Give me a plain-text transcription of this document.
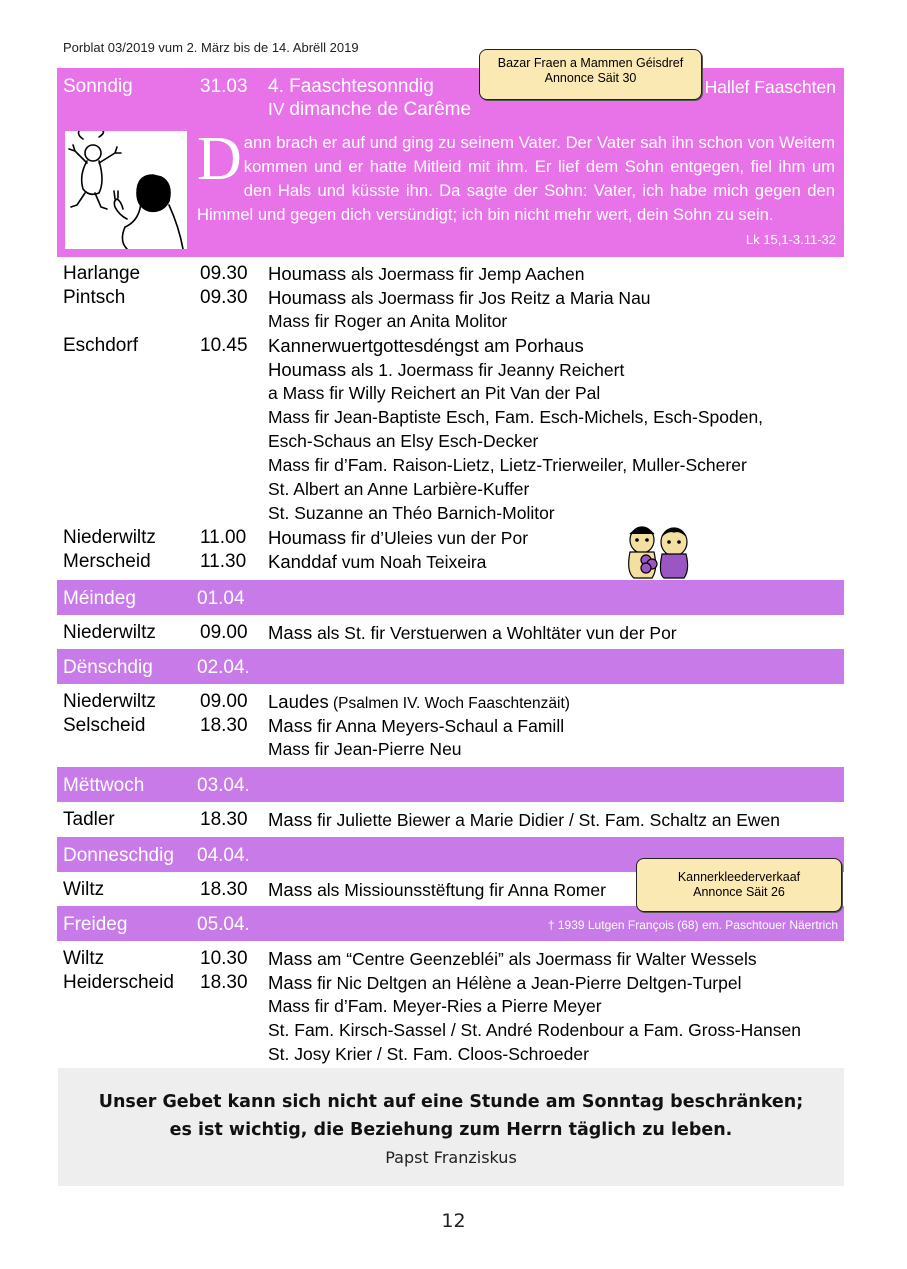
Porblat 03/2019 vum 2. März bis de 14. Abrëll 2019
Bazar Fraen a Mammen Géisdref
Annonce Säit 30
Sonndig	31.03 4. Faaschtesonndig
IV dimanche de Carême
Hallef Faaschten
Dann brach er auf und ging zu seinem Vater. Der Vater sah ihn schon von Weitem kommen und er hatte Mitleid mit ihm. Er lief dem Sohn entgegen, fiel ihm um den Hals und küsste ihn. Da sagte der Sohn: Vater, ich habe mich gegen den Himmel und gegen dich versündigt; ich bin nicht mehr wert, dein Sohn zu sein.
Lk 15,1-3.11-32
Harlange	09.30 Houmass als Joermass fir Jemp Aachen
Pintsch	09.30 Houmass als Joermass fir Jos Reitz a Maria Nau
Mass fir Roger an Anita Molitor
Eschdorf	10.45 Kannerwuertgottesdéngst am Porhaus
Houmass als 1. Joermass fir Jeanny Reichert
a Mass fir Willy Reichert an Pit Van der Pal
Mass fir Jean-Baptiste Esch, Fam. Esch-Michels, Esch-Spoden,
Esch-Schaus an Elsy Esch-Decker
Mass fir d’Fam. Raison-Lietz, Lietz-Trierweiler, Muller-Scherer
St. Albert an Anne Larbière-Kuffer
St. Suzanne an Théo Barnich-Molitor
Niederwiltz 11.00 Houmass fir d’Uleies vun der Por
Merscheid	11.30 Kanddaf vum Noah Teixeira
Méindeg	01.04
Niederwiltz 09.00 Mass als St. fir Verstuerwen a Wohltäter vun der Por
Dënschdig 02.04.
Niederwiltz 09.00 Laudes (Psalmen IV. Woch Faaschtenzäit)
Selscheid	18.30 Mass fir Anna Meyers-Schaul a Famill
Mass fir Jean-Pierre Neu
Mëttwoch	03.04.
Tadler	18.30 Mass fir Juliette Biewer a Marie Didier / St. Fam. Schaltz an Ewen
Donneschdig 04.04.
Wiltz	18.30 Mass als Missiounsstëftung fir Anna Romer
Freideg	05.04.	† 1939 Lutgen François (68) em. Paschtouer Näertrich
Wiltz	10.30 Mass am “Centre Geenzebléi” als Joermass fir Walter Wessels
Heiderscheid 18.30 Mass fir Nic Deltgen an Hélène a Jean-Pierre Deltgen-Turpel
Mass fir d’Fam. Meyer-Ries a Pierre Meyer
St. Fam. Kirsch-Sassel / St. André Rodenbour a Fam. Gross-Hansen
St. Josy Krier / St. Fam. Cloos-Schroeder
Kannerkleederverkaaf
Annonce Säit 26
Unser Gebet kann sich nicht auf eine Stunde am Sonntag beschränken;
es ist wichtig, die Beziehung zum Herrn täglich zu leben.
Papst Franziskus
12
